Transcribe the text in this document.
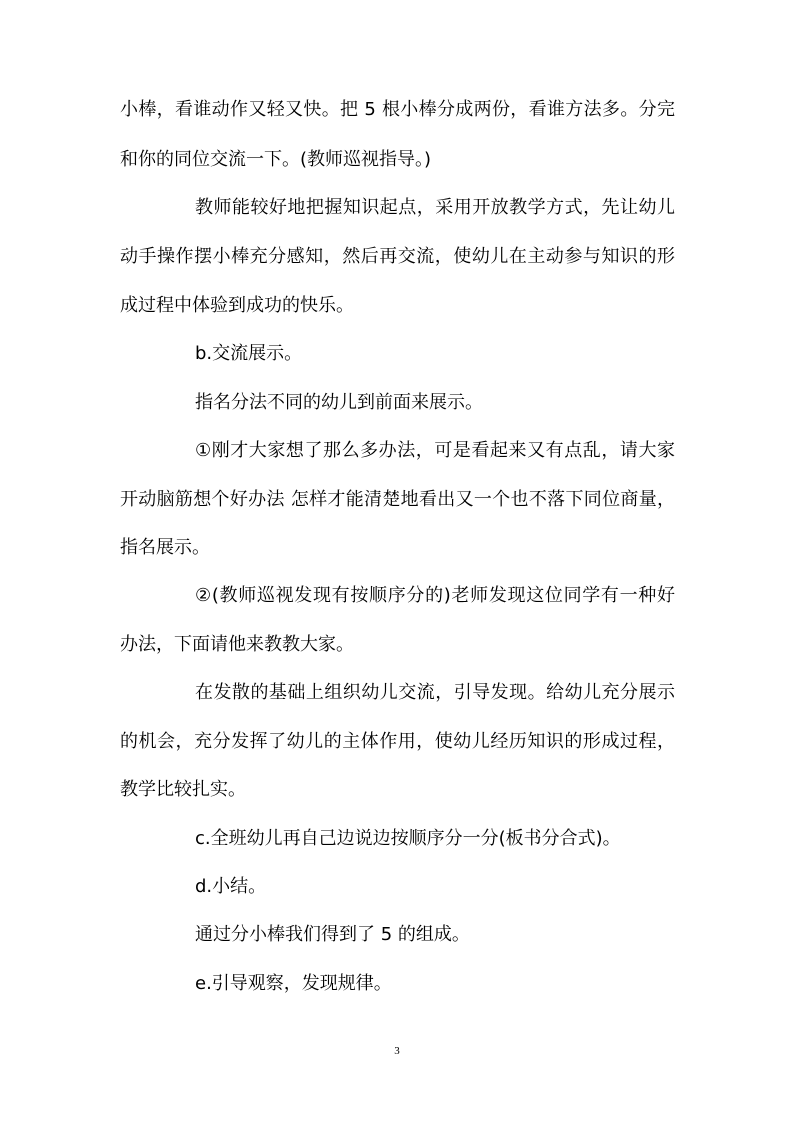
小棒，看谁动作又轻又快。把 5 根小棒分成两份，看谁方法多。分完
和你的同位交流一下。(教师巡视指导。)
教师能较好地把握知识起点，采用开放教学方式，先让幼儿
动手操作摆小棒充分感知，然后再交流，使幼儿在主动参与知识的形
成过程中体验到成功的快乐。
b.交流展示。
指名分法不同的幼儿到前面来展示。
①刚才大家想了那么多办法，可是看起来又有点乱，请大家
开动脑筋想个好办法 怎样才能清楚地看出又一个也不落下同位商量，
指名展示。
②(教师巡视发现有按顺序分的)老师发现这位同学有一种好
办法，下面请他来教教大家。
在发散的基础上组织幼儿交流，引导发现。给幼儿充分展示
的机会，充分发挥了幼儿的主体作用，使幼儿经历知识的形成过程，
教学比较扎实。
c.全班幼儿再自己边说边按顺序分一分(板书分合式)。
d.小结。
通过分小棒我们得到了 5 的组成。
e.引导观察，发现规律。
3
